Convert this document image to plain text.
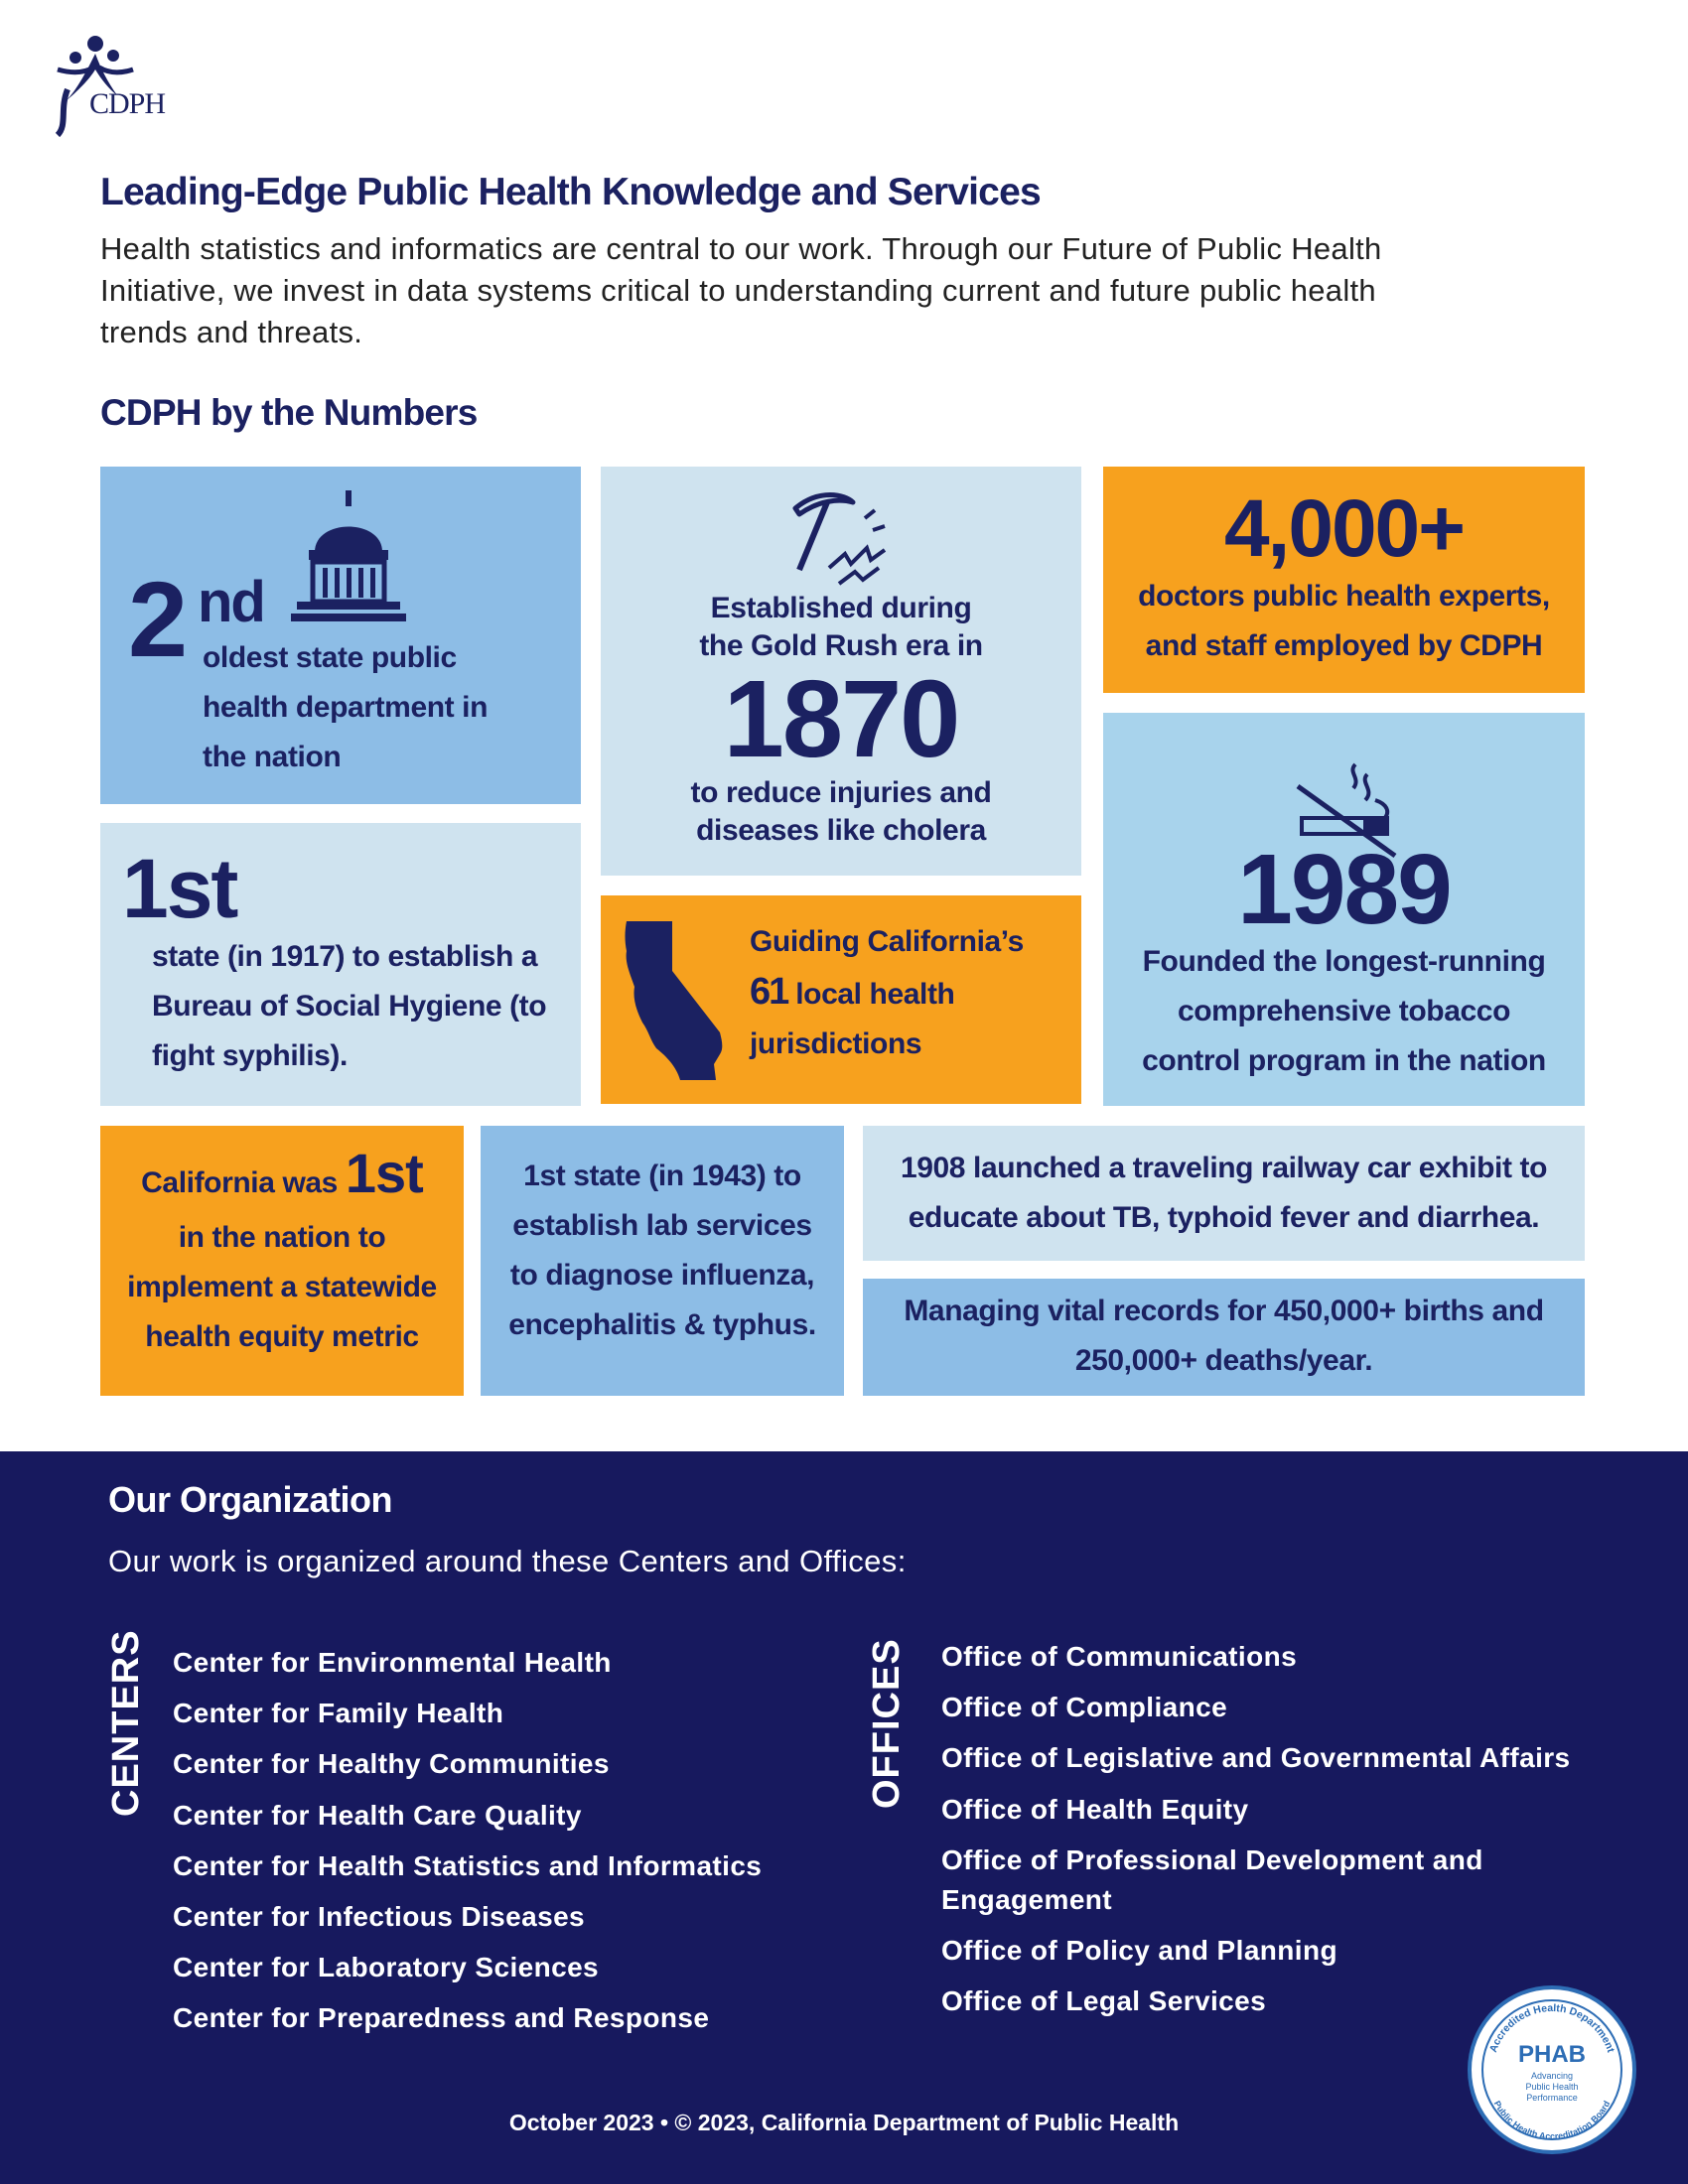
CDPH
Leading-Edge Public Health Knowledge and Services
Health statistics and informatics are central to our work. Through our Future of Public Health
Initiative, we invest in data systems critical to understanding current and future public health
trends and threats.
CDPH by the Numbers
2 nd
oldest state public
health department in
the nation
Established during
the Gold Rush era in
1870
to reduce injuries and
diseases like cholera
4,000+
doctors public health experts,
and staff employed by CDPH
1st
state (in 1917) to establish a
Bureau of Social Hygiene (to
fight syphilis).
Guiding California’s
61 local health
jurisdictions
1989
Founded the longest-running
comprehensive tobacco
control program in the nation
California was 1st
in the nation to
implement a statewide
health equity metric
1st state (in 1943) to
establish lab services
to diagnose influenza,
encephalitis & typhus.
1908 launched a traveling railway car exhibit to
educate about TB, typhoid fever and diarrhea.
Managing vital records for 450,000+ births and
250,000+ deaths/year.
Our Organization
Our work is organized around these Centers and Offices:
CENTERS Center for Environmental Health
Center for Family Health
Center for Healthy Communities
Center for Health Care Quality
Center for Health Statistics and Informatics
Center for Infectious Diseases
Center for Laboratory Sciences
Center for Preparedness and Response
OFFICES Office of Communications
Office of Compliance
Office of Legislative and Governmental Affairs
Office of Health Equity
Office of Professional Development and
Engagement
Office of Policy and Planning
Office of Legal Services
Accredited Health Department
Public Health Accreditation Board
PHAB
Advancing
Public Health
Performance
October 2023 • © 2023, California Department of Public Health
